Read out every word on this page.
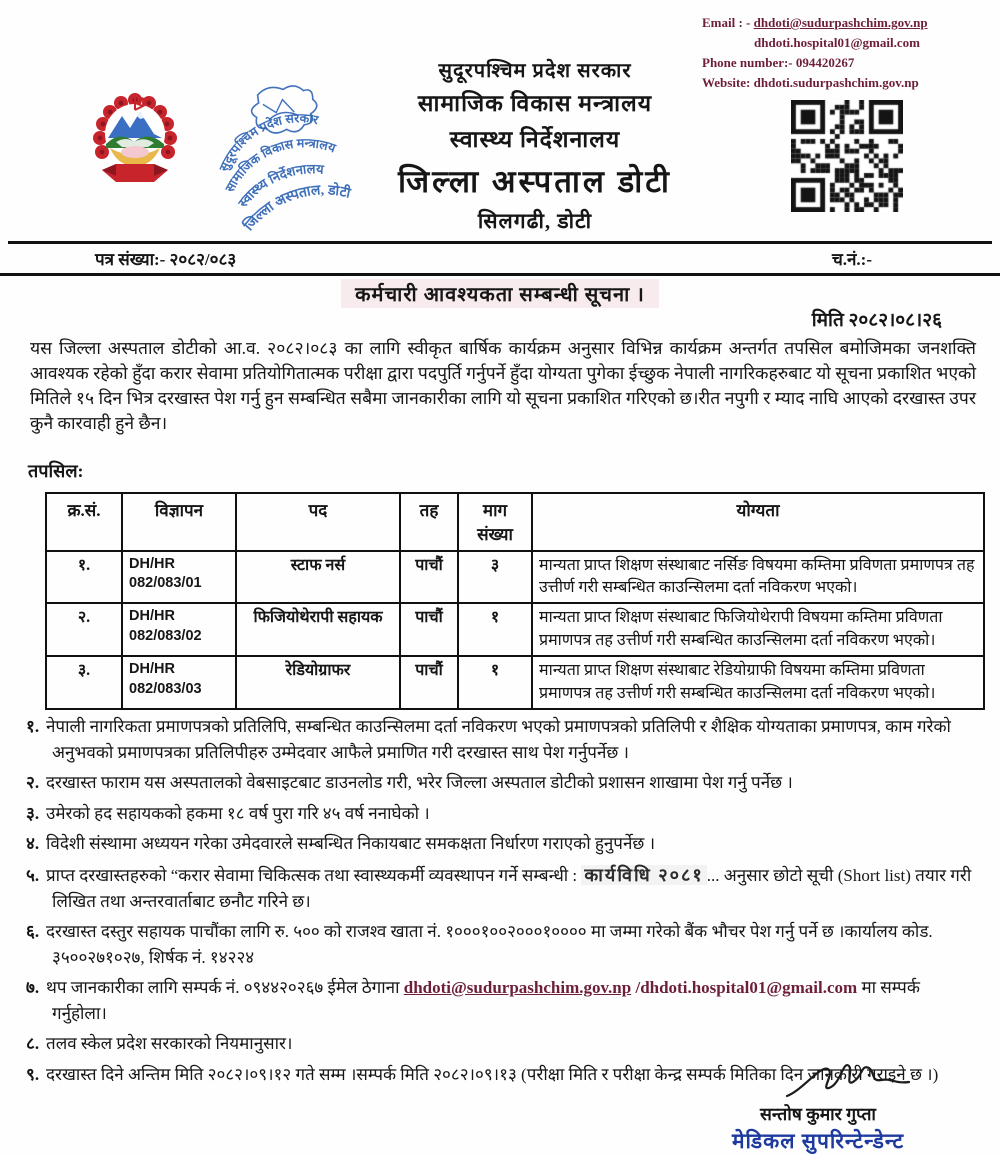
Email : - dhdoti@sudurpashchim.gov.np
dhdoti.hospital01@gmail.com
Phone number:- 094420267
Website: dhdoti.sudurpashchim.gov.np
सुदूरपश्चिम प्रदेश सरकार
सामाजिक विकास मन्त्रालय
स्वास्थ्य निर्देशनालय
जिल्ला अस्पताल, डोटी
सुदूरपश्चिम प्रदेश सरकार
सामाजिक विकास मन्त्रालय
स्वास्थ्य निर्देशनालय
जिल्ला अस्पताल डोटी
सिलगढी, डोटी
पत्र संख्या:- २०८२/०८३	च.नं.:-
कर्मचारी आवश्यकता सम्बन्धी सूचना ।
मिति २०८२।०८।२६
यस जिल्ला अस्पताल डोटीको आ.व. २०८२।०८३ का लागि स्वीकृत बार्षिक कार्यक्रम अनुसार विभिन्न कार्यक्रम अन्तर्गत तपसिल बमोजिमका जनशक्ति आवश्यक रहेको हुँदा करार सेवामा प्रतियोगितात्मक परीक्षा द्वारा पदपुर्ति गर्नुपर्ने हुँदा योग्यता पुगेका ईच्छुक नेपाली नागरिकहरुबाट यो सूचना प्रकाशित भएको मितिले १५ दिन भित्र दरखास्त पेश गर्नु हुन सम्बन्धित सबैमा जानकारीका लागि यो सूचना प्रकाशित गरिएको छ।रीत नपुगी र म्याद नाघि आएको दरखास्त उपर कुनै कारवाही हुने छैन।
तपसिल:
क्र.सं.	विज्ञापन	पद	तह	माग संख्या	योग्यता
१.	DH/HR 082/083/01	स्टाफ नर्स	पाचौं	३	मान्यता प्राप्त शिक्षण संस्थाबाट नर्सिङ विषयमा कम्तिमा प्रविणता प्रमाणपत्र तह उत्तीर्ण गरी सम्बन्धित काउन्सिलमा दर्ता नविकरण भएको।
२.	DH/HR 082/083/02	फिजियोथेरापी सहायक	पाचौं	१	मान्यता प्राप्त शिक्षण संस्थाबाट फिजियोथेरापी विषयमा कम्तिमा प्रविणता प्रमाणपत्र तह उत्तीर्ण गरी सम्बन्धित काउन्सिलमा दर्ता नविकरण भएको।
३.	DH/HR 082/083/03	रेडियोग्राफर	पाचौं	१	मान्यता प्राप्त शिक्षण संस्थाबाट रेडियोग्राफी विषयमा कम्तिमा प्रविणता प्रमाणपत्र तह उत्तीर्ण गरी सम्बन्धित काउन्सिलमा दर्ता नविकरण भएको।
१. नेपाली नागरिकता प्रमाणपत्रको प्रतिलिपि, सम्बन्धित काउन्सिलमा दर्ता नविकरण भएको प्रमाणपत्रको प्रतिलिपी र शैक्षिक योग्यताका प्रमाणपत्र, काम गरेको अनुभवको प्रमाणपत्रका प्रतिलिपीहरु उम्मेदवार आफैले प्रमाणित गरी दरखास्त साथ पेश गर्नुपर्नेछ ।
२. दरखास्त फाराम यस अस्पतालको वेबसाइटबाट डाउनलोड गरी, भरेर जिल्ला अस्पताल डोटीको प्रशासन शाखामा पेश गर्नु पर्नेछ ।
३. उमेरको हद सहायकको हकमा १८ वर्ष पुरा गरि ४५ वर्ष ननाघेको ।
४. विदेशी संस्थामा अध्ययन गरेका उमेदवारले सम्बन्धित निकायबाट समकक्षता निर्धारण गराएको हुनुपर्नेछ ।
५. प्राप्त दरखास्तहरुको “करार सेवामा चिकित्सक तथा स्वास्थ्यकर्मी व्यवस्थापन गर्ने सम्बन्धी : कार्यविधि २०८१ ... अनुसार छोटो सूची (Short list) तयार गरी लिखित तथा अन्तरवार्ताबाट छनौट गरिने छ।
६. दरखास्त दस्तुर सहायक पाचौंका लागि रु. ५०० को राजश्व खाता नं. १०००१००२०००१०००० मा जम्मा गरेको बैंक भौचर पेश गर्नु पर्ने छ ।कार्यालय कोड. ३५००२७१०२७, शिर्षक नं. १४२२४
७. थप जानकारीका लागि सम्पर्क नं. ०९४४२०२६७ ईमेल ठेगाना dhdoti@sudurpashchim.gov.np /dhdoti.hospital01@gmail.com मा सम्पर्क गर्नुहोला।
८. तलव स्केल प्रदेश सरकारको नियमानुसार।
९. दरखास्त दिने अन्तिम मिति २०८२।०९।१२ गते सम्म ।सम्पर्क मिति २०८२।०९।१३ (परीक्षा मिति र परीक्षा केन्द्र सम्पर्क मितिका दिन जानकारी गराइने छ ।)
सन्तोष कुमार गुप्ता
मेडिकल सुपरिन्टेन्डेन्ट
